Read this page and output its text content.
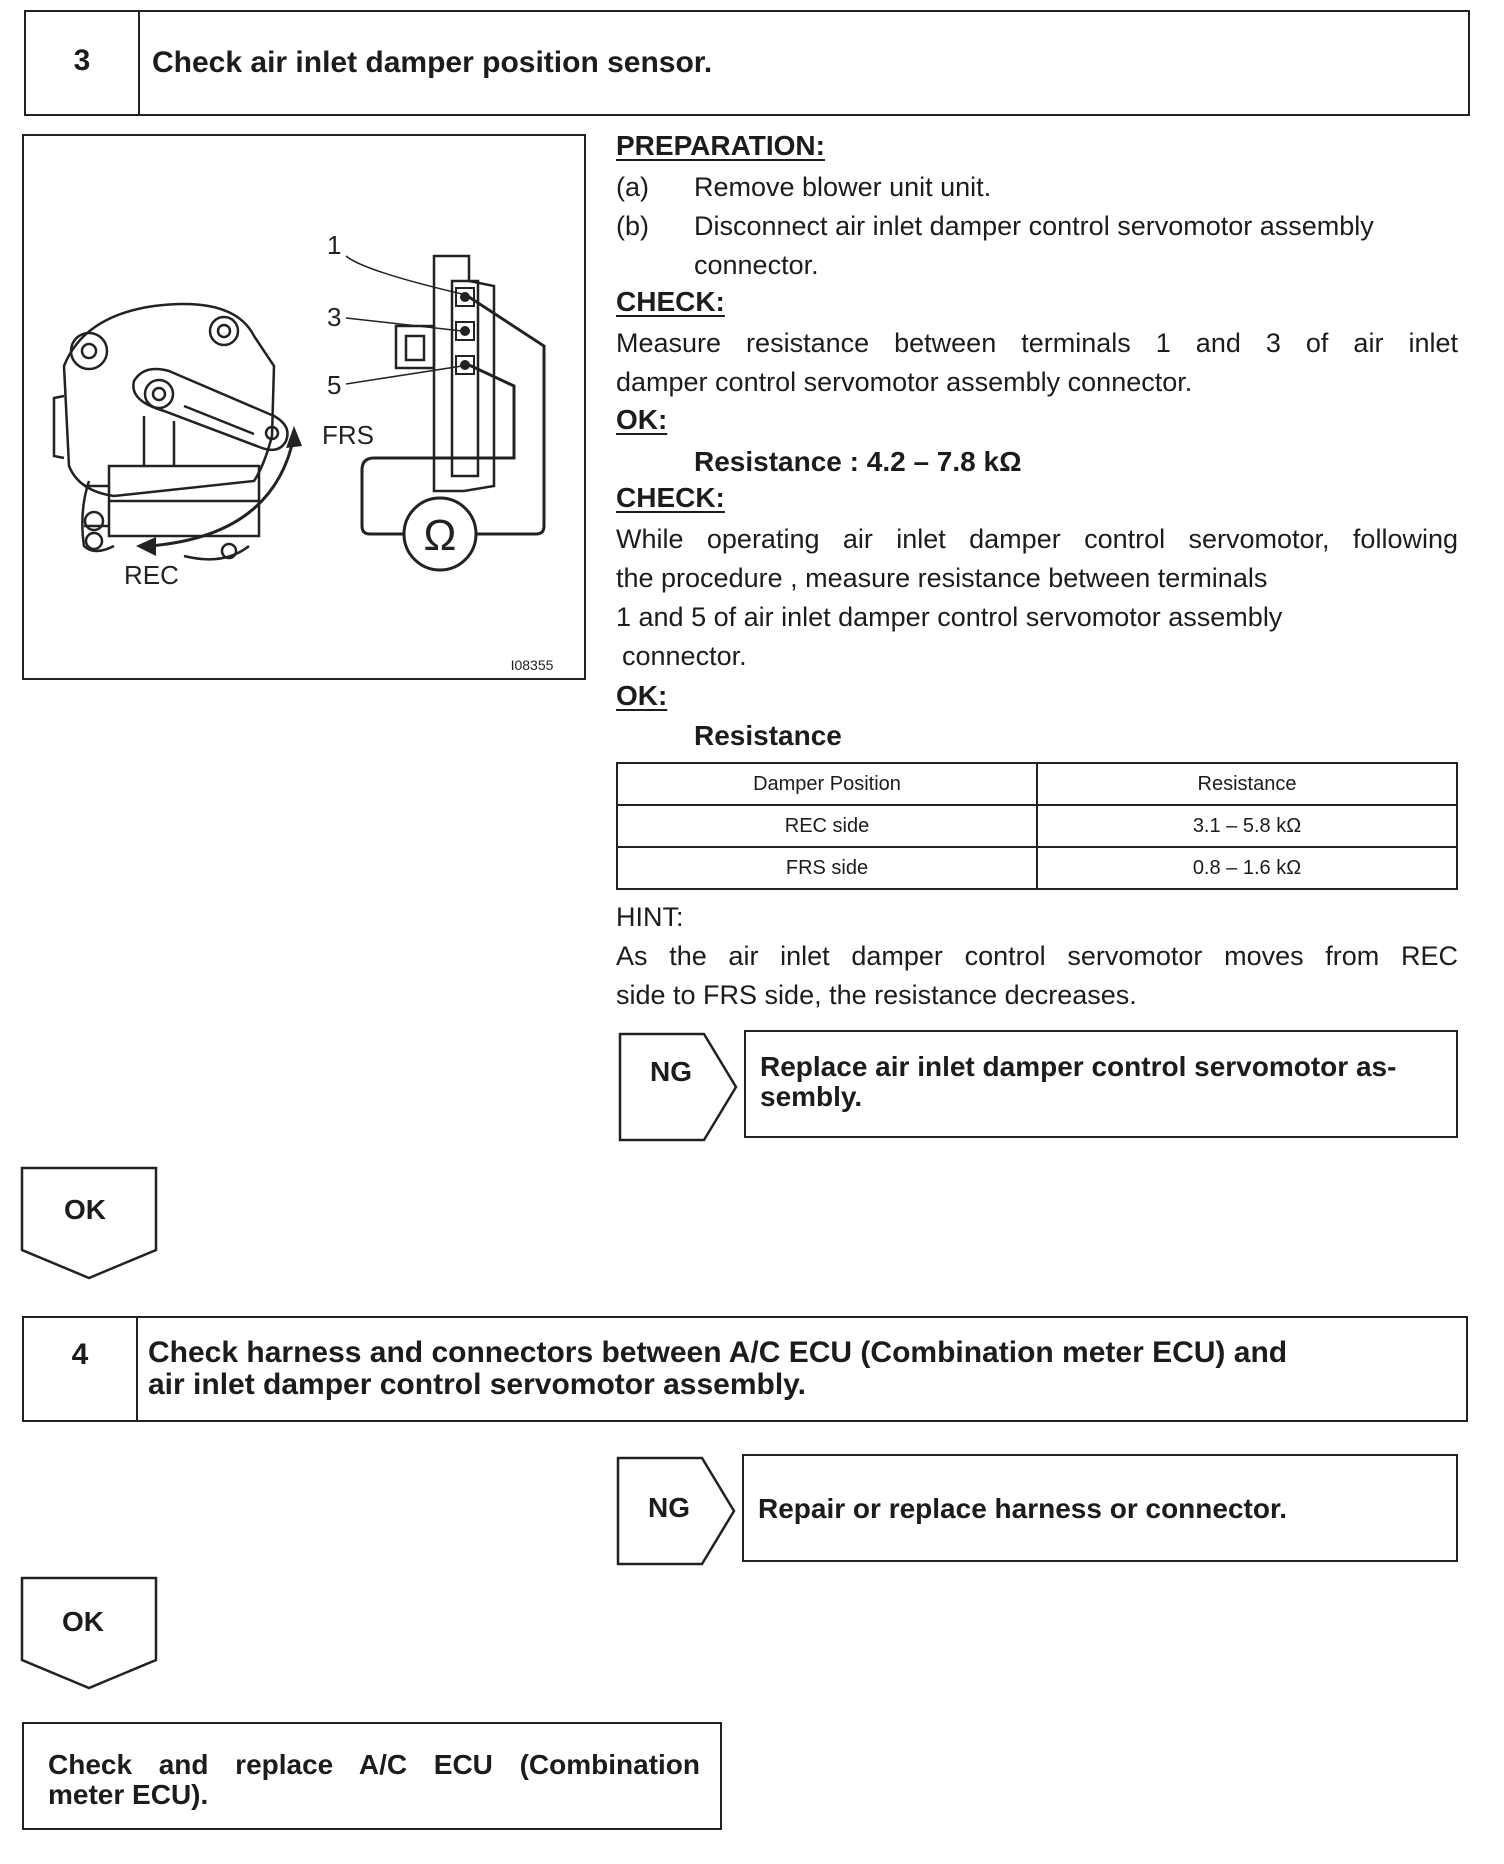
3	Check air inlet damper position sensor.
Ω
1
3
5
FRS
REC
I08355
PREPARATION:
(a) Remove blower unit unit.
(b) Disconnect air inlet damper control servomotor assembly
connector.
CHECK:
Measure resistance between terminals 1 and 3 of air inlet
damper control servomotor assembly connector.
OK:
Resistance : 4.2 – 7.8 kΩ
CHECK:
While operating air inlet damper control servomotor, following
the procedure , measure resistance between terminals
1 and 5 of air inlet damper control servomotor assembly
connector.
OK:
Resistance
Damper Position	Resistance
REC side	3.1 – 5.8 kΩ
FRS side	0.8 – 1.6 kΩ
HINT:
As the air inlet damper control servomotor moves from REC
side to FRS side, the resistance decreases.
NG Replace air inlet damper control servomotor as-
sembly.
OK
4	Check harness and connectors between A/C ECU (Combination meter ECU) and
air inlet damper control servomotor assembly.
NG Repair or replace harness or connector.
OK
Check and replace A/C ECU (Combination
meter ECU).
